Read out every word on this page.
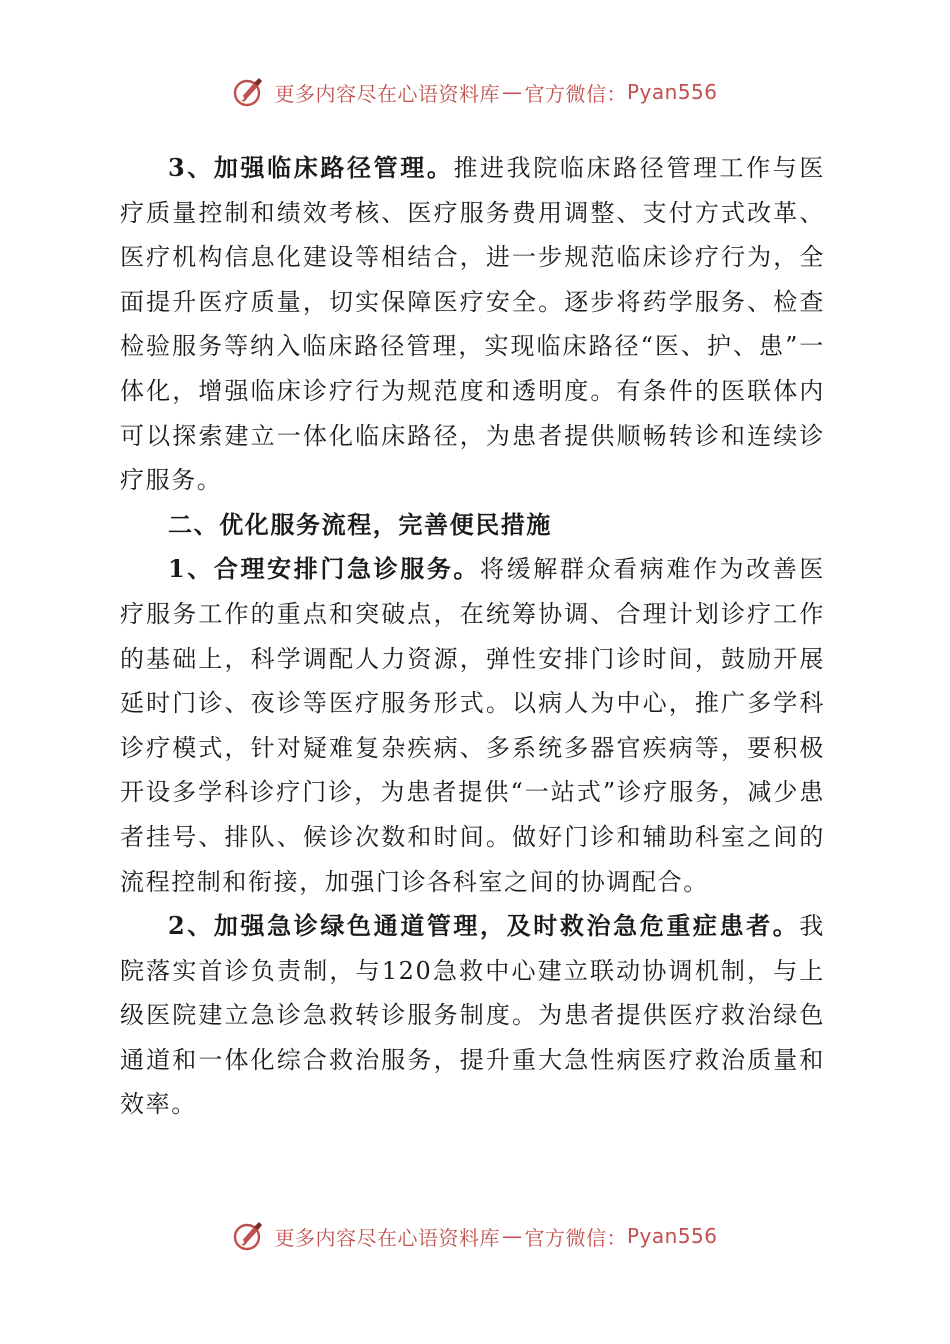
更多内容尽在心语资料库 — 官方微信： Pyan556

3、加强临床路径管理。推进我院临床路径管理工作与医疗质量控制和绩效考核、医疗服务费用调整、支付方式改革、医疗机构信息化建设等相结合，进一步规范临床诊疗行为，全面提升医疗质量，切实保障医疗安全。逐步将药学服务、检查检验服务等纳入临床路径管理，实现临床路径“医、护、患”一体化，增强临床诊疗行为规范度和透明度。有条件的医联体内可以探索建立一体化临床路径，为患者提供顺畅转诊和连续诊疗服务。

二、优化服务流程，完善便民措施

1、合理安排门急诊服务。将缓解群众看病难作为改善医疗服务工作的重点和突破点，在统筹协调、合理计划诊疗工作的基础上，科学调配人力资源，弹性安排门诊时间，鼓励开展延时门诊、夜诊等医疗服务形式。以病人为中心，推广多学科诊疗模式，针对疑难复杂疾病、多系统多器官疾病等，要积极开设多学科诊疗门诊，为患者提供“一站式”诊疗服务，减少患者挂号、排队、候诊次数和时间。做好门诊和辅助科室之间的流程控制和衔接，加强门诊各科室之间的协调配合。

2、加强急诊绿色通道管理，及时救治急危重症患者。我院落实首诊负责制，与120急救中心建立联动协调机制，与上级医院建立急诊急救转诊服务制度。为患者提供医疗救治绿色通道和一体化综合救治服务，提升重大急性病医疗救治质量和效率。

更多内容尽在心语资料库 — 官方微信： Pyan556
